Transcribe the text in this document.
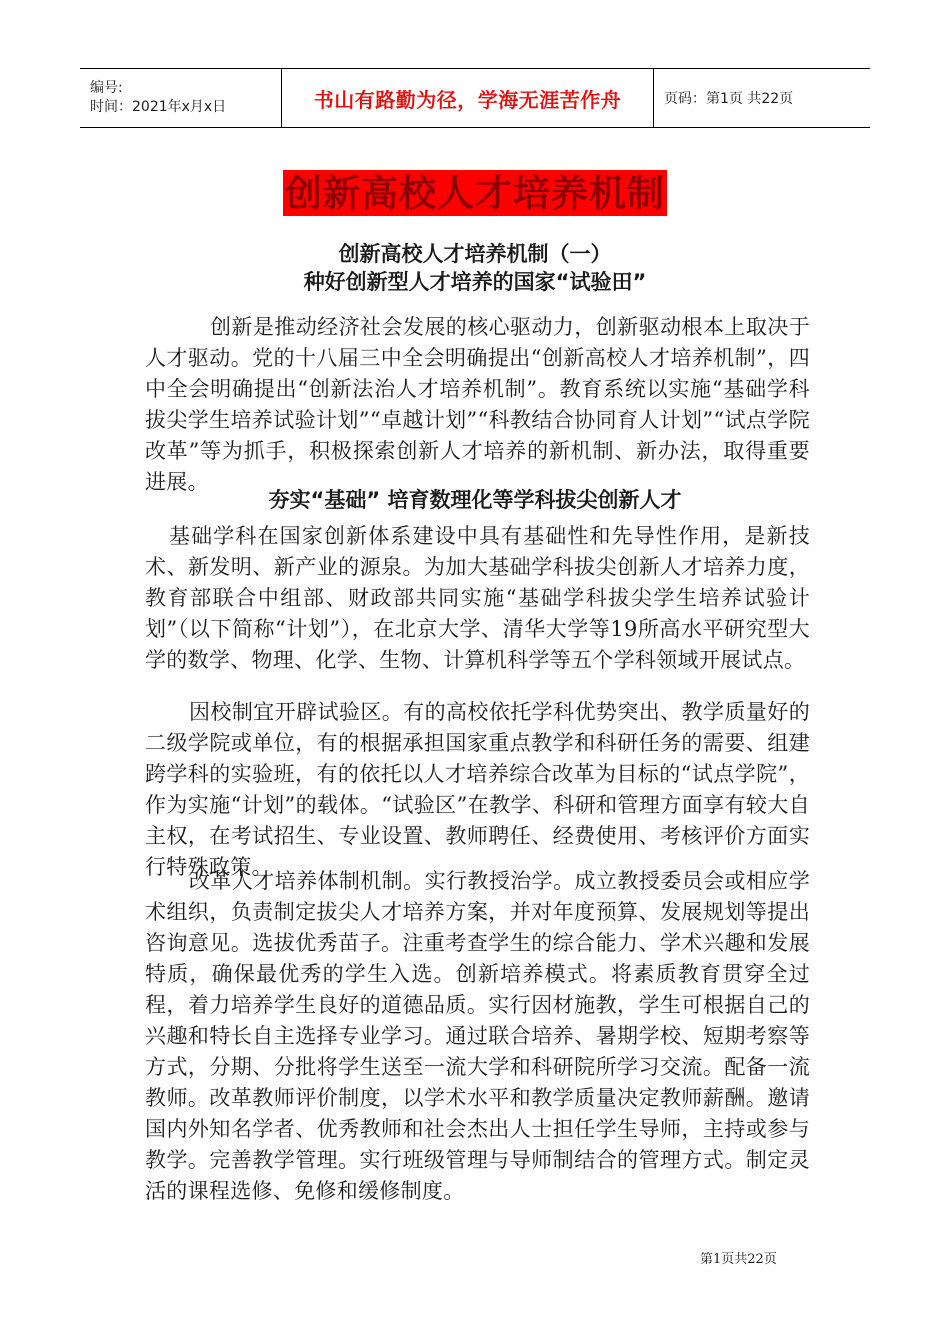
编号:
时间：2021年x月x日	书山有路勤为径，学海无涯苦作舟	页码：第1页 共22页
创新高校人才培养机制
创新高校人才培养机制（一）
种好创新型人才培养的国家“试验田”

创新是推动经济社会发展的核心驱动力，创新驱动根本上取决于人才驱动。党的十八届三中全会明确提出“创新高校人才培养机制”，四中全会明确提出“创新法治人才培养机制”。教育系统以实施“基础学科拔尖学生培养试验计划”“卓越计划”“科教结合协同育人计划”“试点学院改革”等为抓手，积极探索创新人才培养的新机制、新办法，取得重要进展。

夯实“基础” 培育数理化等学科拔尖创新人才

基础学科在国家创新体系建设中具有基础性和先导性作用，是新技术、新发明、新产业的源泉。为加大基础学科拔尖创新人才培养力度，教育部联合中组部、财政部共同实施“基础学科拔尖学生培养试验计划”（以下简称“计划”），在北京大学、清华大学等19所高水平研究型大学的数学、物理、化学、生物、计算机科学等五个学科领域开展试点。

因校制宜开辟试验区。有的高校依托学科优势突出、教学质量好的二级学院或单位，有的根据承担国家重点教学和科研任务的需要、组建跨学科的实验班，有的依托以人才培养综合改革为目标的“试点学院”，作为实施“计划”的载体。“试验区”在教学、科研和管理方面享有较大自主权，在考试招生、专业设置、教师聘任、经费使用、考核评价方面实行特殊政策。

改革人才培养体制机制。实行教授治学。成立教授委员会或相应学术组织，负责制定拔尖人才培养方案，并对年度预算、发展规划等提出咨询意见。选拔优秀苗子。注重考查学生的综合能力、学术兴趣和发展特质，确保最优秀的学生入选。创新培养模式。将素质教育贯穿全过程，着力培养学生良好的道德品质。实行因材施教，学生可根据自己的兴趣和特长自主选择专业学习。通过联合培养、暑期学校、短期考察等方式，分期、分批将学生送至一流大学和科研院所学习交流。配备一流教师。改革教师评价制度，以学术水平和教学质量决定教师薪酬。邀请国内外知名学者、优秀教师和社会杰出人士担任学生导师，主持或参与教学。完善教学管理。实行班级管理与导师制结合的管理方式。制定灵活的课程选修、免修和缓修制度。

第1页共22页
